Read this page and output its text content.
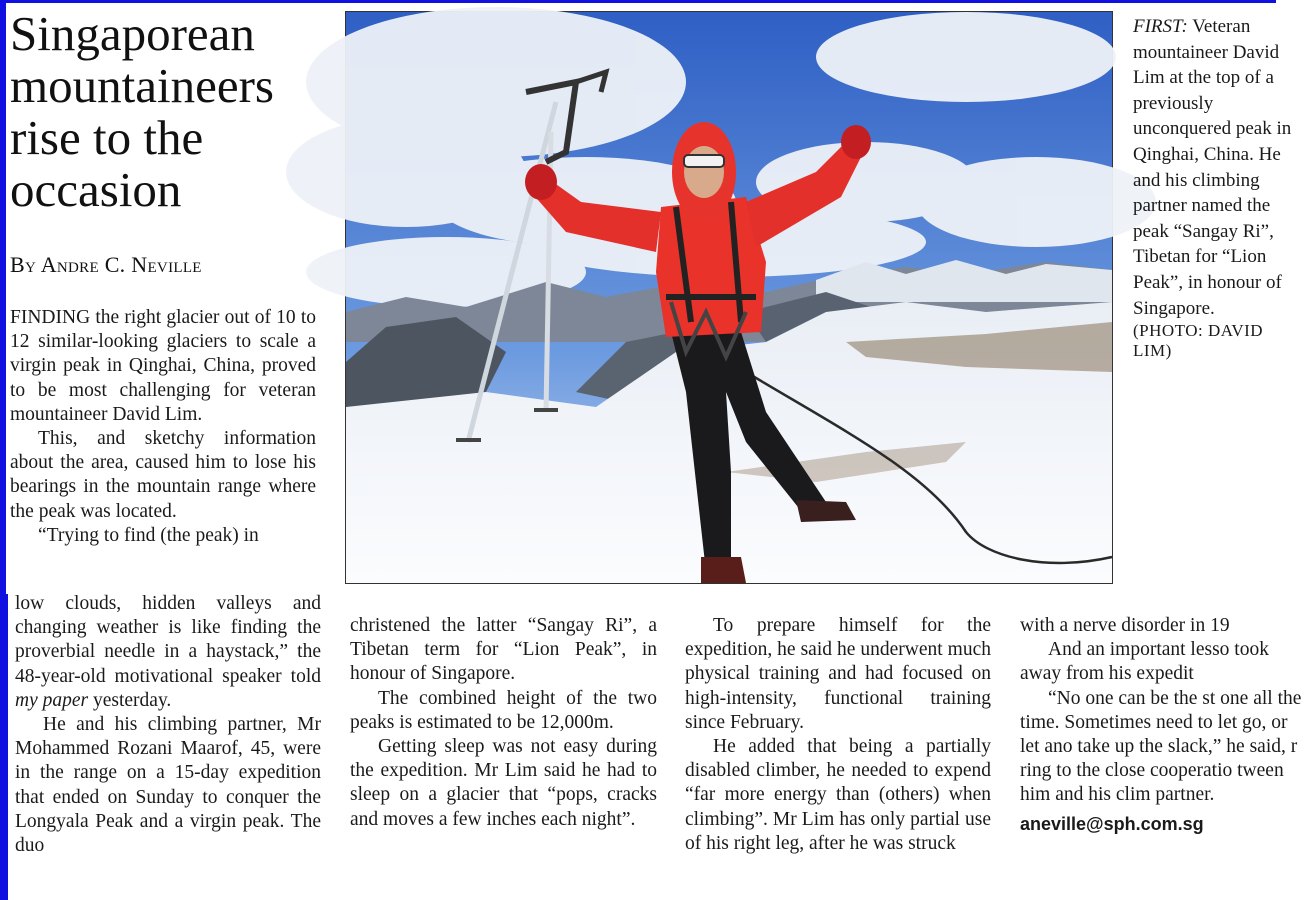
Singaporean mountaineers rise to the occasion
By Andre C. Neville

FINDING the right glacier out of 10 to 12 similar-looking glaciers to scale a virgin peak in Qinghai, China, proved to be most challenging for veteran mountaineer David Lim.

This, and sketchy information about the area, caused him to lose his bearings in the mountain range where the peak was located.

“Trying to find (the peak) in

low clouds, hidden valleys and changing weather is like finding the proverbial needle in a haystack,” the 48-year-old motivational speaker told my paper yesterday.

He and his climbing partner, Mr Mohammed Rozani Maarof, 45, were in the range on a 15-day expedition that ended on Sunday to conquer the Longyala Peak and a virgin peak. The duo

christened the latter “Sangay Ri”, a Tibetan term for “Lion Peak”, in honour of Singapore.

The combined height of the two peaks is estimated to be 12,000m.

Getting sleep was not easy during the expedition. Mr Lim said he had to sleep on a glacier that “pops, cracks and moves a few inches each night”.

To prepare himself for the expedition, he said he underwent much physical training and had focused on high-intensity, functional training since February.

He added that being a partially disabled climber, he needed to expend “far more energy than (others) when climbing”. Mr Lim has only partial use of his right leg, after he was struck

with a nerve disorder in 19

And an important lesso took away from his expedit

“No one can be the st one all the time. Sometimes need to let go, or let ano take up the slack,” he said, r ring to the close cooperatio tween him and his clim partner.

aneville@sph.com.sg
FIRST: Veteran mountaineer David Lim at the top of a previously unconquered peak in Qinghai, China. He and his climbing partner named the peak “Sangay Ri”, Tibetan for “Lion Peak”, in honour of Singapore.
(PHOTO: DAVID LIM)
